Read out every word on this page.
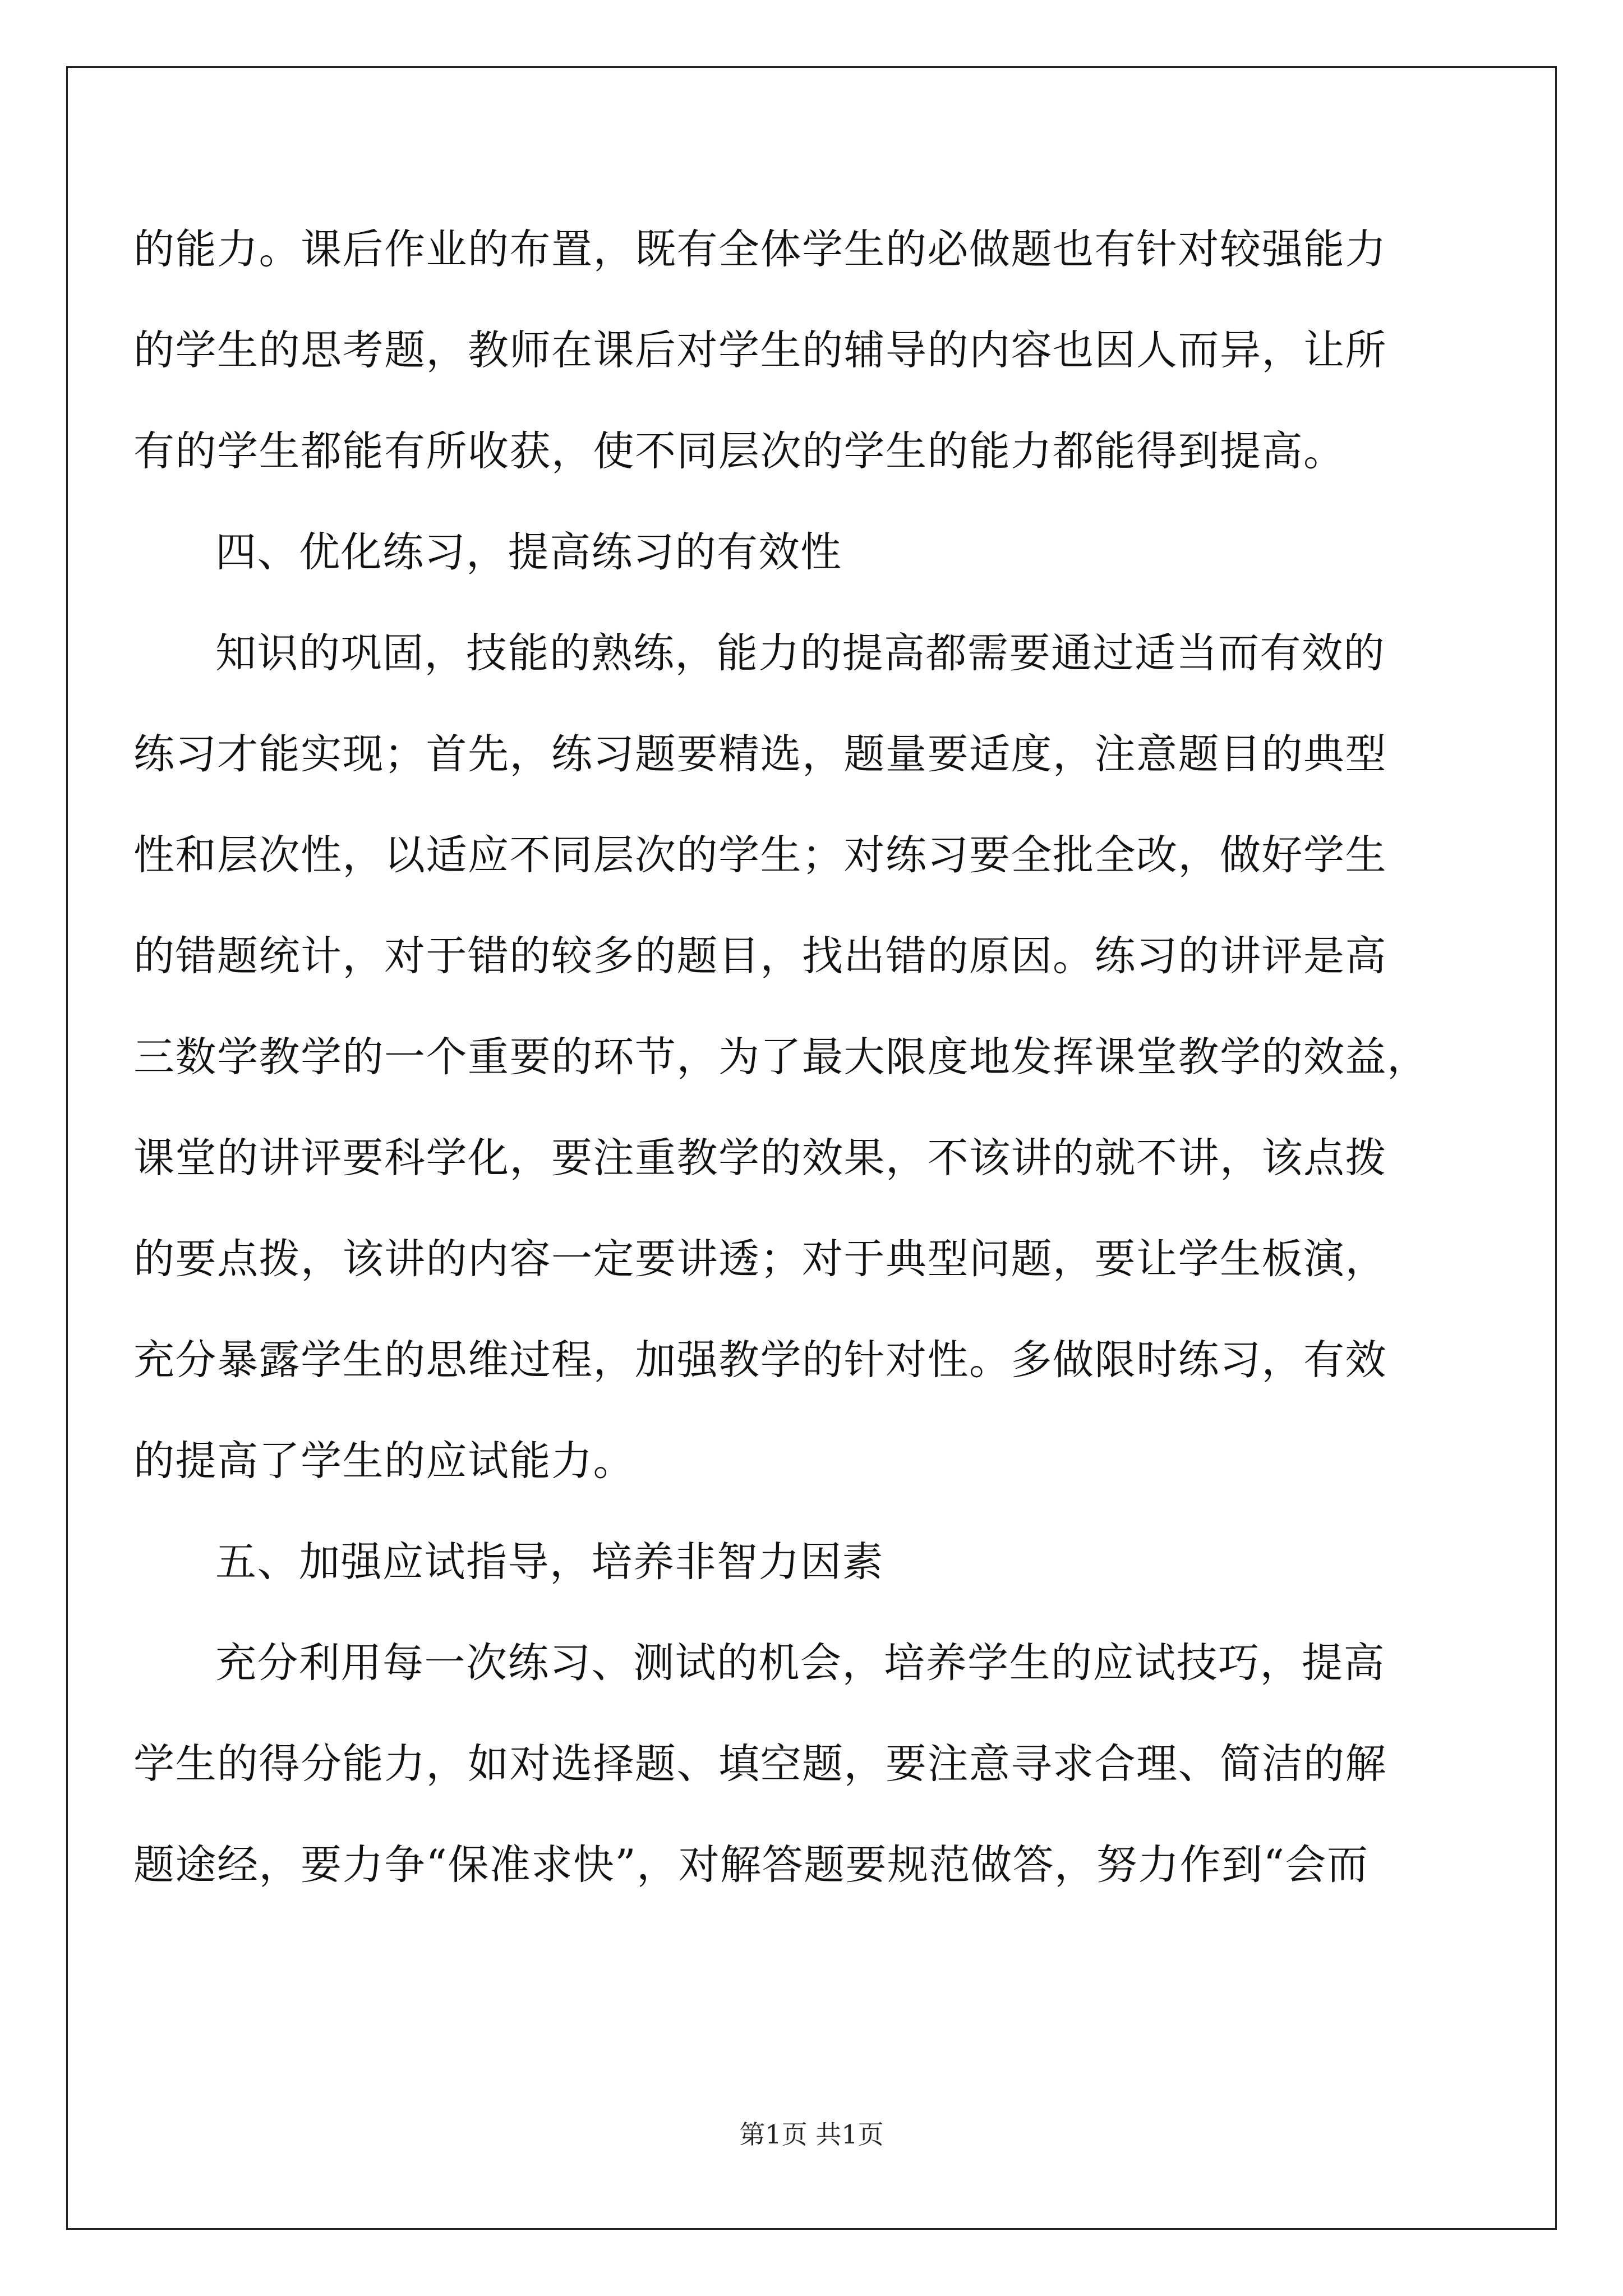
的能力。课后作业的布置，既有全体学生的必做题也有针对较强能力
的学生的思考题，教师在课后对学生的辅导的内容也因人而异，让所
有的学生都能有所收获，使不同层次的学生的能力都能得到提高。
四、优化练习，提高练习的有效性
知识的巩固，技能的熟练，能力的提高都需要通过适当而有效的
练习才能实现；首先，练习题要精选，题量要适度，注意题目的典型
性和层次性，以适应不同层次的学生；对练习要全批全改，做好学生
的错题统计，对于错的较多的题目，找出错的原因。练习的讲评是高
三数学教学的一个重要的环节，为了最大限度地发挥课堂教学的效益，
课堂的讲评要科学化，要注重教学的效果，不该讲的就不讲，该点拨
的要点拨，该讲的内容一定要讲透；对于典型问题，要让学生板演，
充分暴露学生的思维过程，加强教学的针对性。多做限时练习，有效
的提高了学生的应试能力。
五、加强应试指导，培养非智力因素
充分利用每一次练习、测试的机会，培养学生的应试技巧，提高
学生的得分能力，如对选择题、填空题，要注意寻求合理、简洁的解
题途经，要力争“保准求快”，对解答题要规范做答，努力作到“会而
第1页 共1页
